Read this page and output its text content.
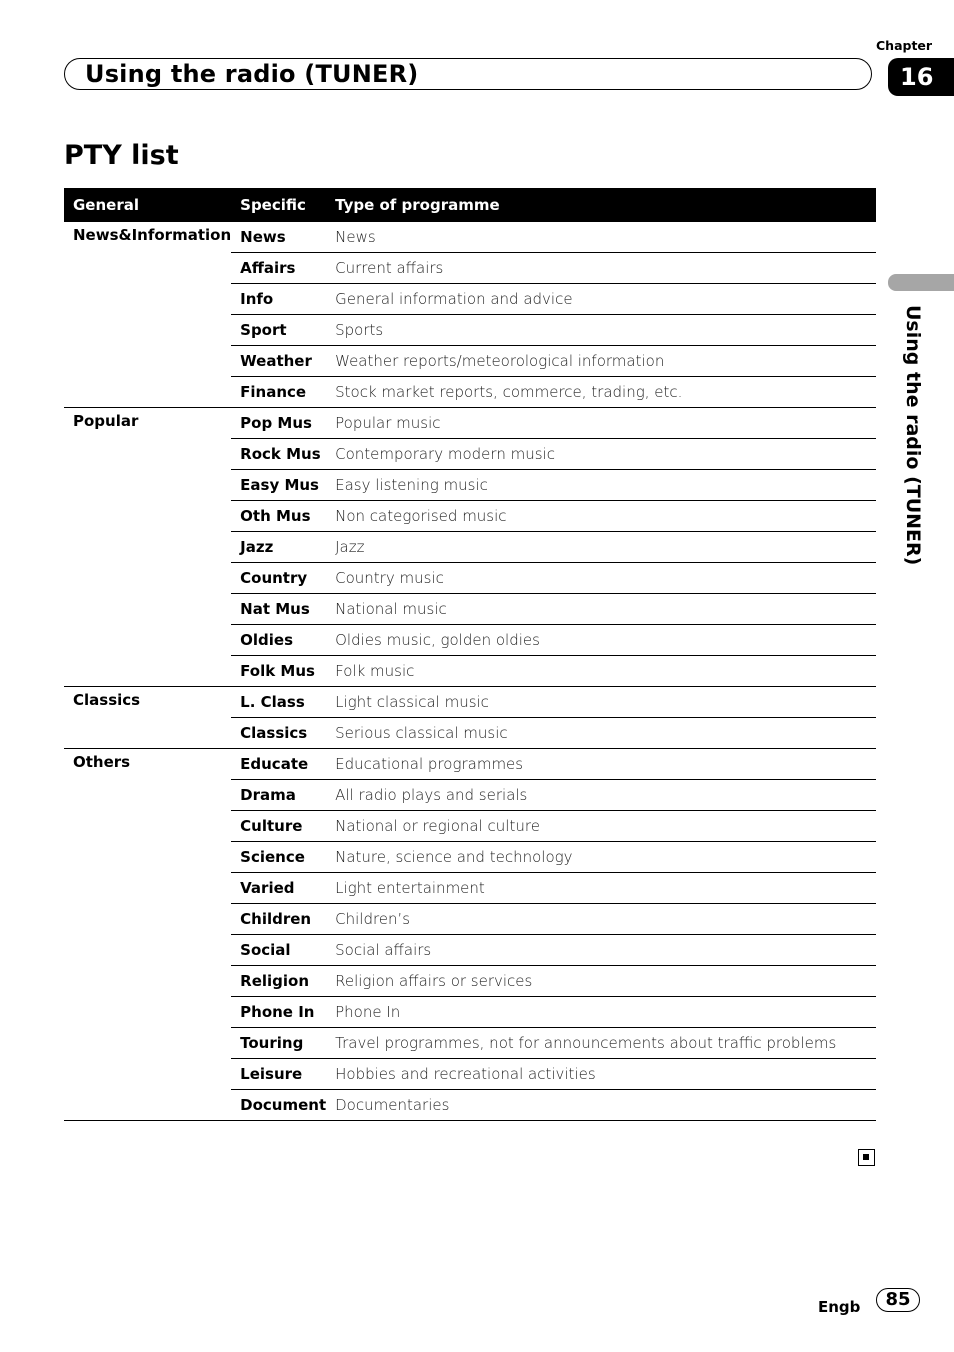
Chapter
Using the radio (TUNER)	16
Using the radio (TUNER)
PTY list
General	Specific	Type of programme
News&Information	News	News
	Affairs	Current affairs
	Info	General information and advice
	Sport	Sports
	Weather	Weather reports/meteorological information
	Finance	Stock market reports, commerce, trading, etc.
Popular	Pop Mus	Popular music
	Rock Mus	Contemporary modern music
	Easy Mus	Easy listening music
	Oth Mus	Non categorised music
	Jazz	Jazz
	Country	Country music
	Nat Mus	National music
	Oldies	Oldies music, golden oldies
	Folk Mus	Folk music
Classics	L. Class	Light classical music
	Classics	Serious classical music
Others	Educate	Educational programmes
	Drama	All radio plays and serials
	Culture	National or regional culture
	Science	Nature, science and technology
	Varied	Light entertainment
	Children	Children’s
	Social	Social affairs
	Religion	Religion affairs or services
	Phone In	Phone In
	Touring	Travel programmes, not for announcements about traffic problems
	Leisure	Hobbies and recreational activities
	Document	Documentaries
Engb	85
